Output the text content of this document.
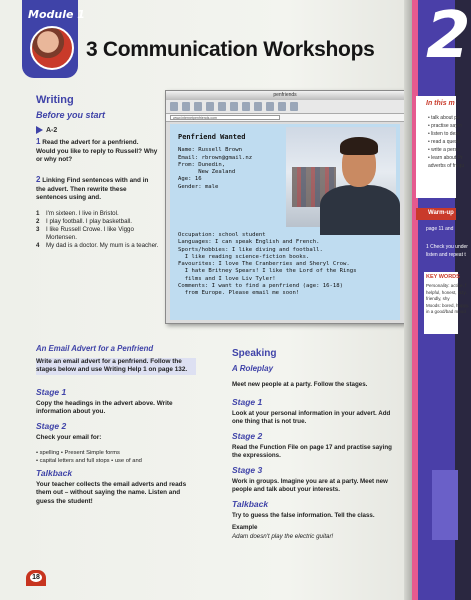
Module 1
3 Communication Workshops
Writing
Before you start
A-2
1 Read the advert for a penfriend. Would you like to reply to Russell? Why or why not?
2 Linking Find sentences with and in the advert. Then rewrite these sentences using and.
1	I'm sixteen. I live in Bristol.
2	I play football. I play basketball.
3	I like Russell Crowe. I like Viggo Mortensen.
4	My dad is a doctor. My mum is a teacher.
penfriends
www.internetpenfriends.com
Penfriend Wanted
Name: Russell Brown
Email: rbrown@gmail.nz
From: Dunedin,
New Zealand
Age: 16
Gender: male
Occupation: school student
Languages: I can speak English and French.
Sports/hobbies: I like diving and football.
I like reading science-fiction books.
Favourites: I love The Cranberries and Sheryl Crow.
I hate Britney Spears! I like the Lord of the Rings
films and I love Liv Tyler!
Comments: I want to find a penfriend (age: 16-18)
from Europe. Please email me soon!
An Email Advert for a Penfriend
Write an email advert for a penfriend. Follow the stages below and use Writing Help 1 on page 132.
Stage 1
Copy the headings in the advert above. Write information about you.
Stage 2
Check your email for:
• spelling • Present Simple forms
• capital letters and full stops • use of and
Talkback
Your teacher collects the email adverts and reads them out – without saying the name. Listen and guess the student!
Speaking
A Roleplay
Meet new people at a party. Follow the stages.
Stage 1
Look at your personal information in your advert. Add one thing that is not true.
Stage 2
Read the Function File on page 17 and practise saying the expressions.
Stage 3
Work in groups. Imagine you are at a party. Meet new people and talk about your interests.
Talkback
Try to guess the false information. Tell the class.
Example
Adam doesn't play the electric guitar!
18
2
In this m
• talk about pe
• practise sayin
• listen to desc
• read a questi
• write a perso
• learn about Pr
adverbs of frequ
Warm-up
page 11 and
1 Check you under
listen and repeat t
KEY WORDS
Personality: active, f
helpful, honest, lazy,
friendly, shy
Moods: bored, happy,
in a good/bad mood
